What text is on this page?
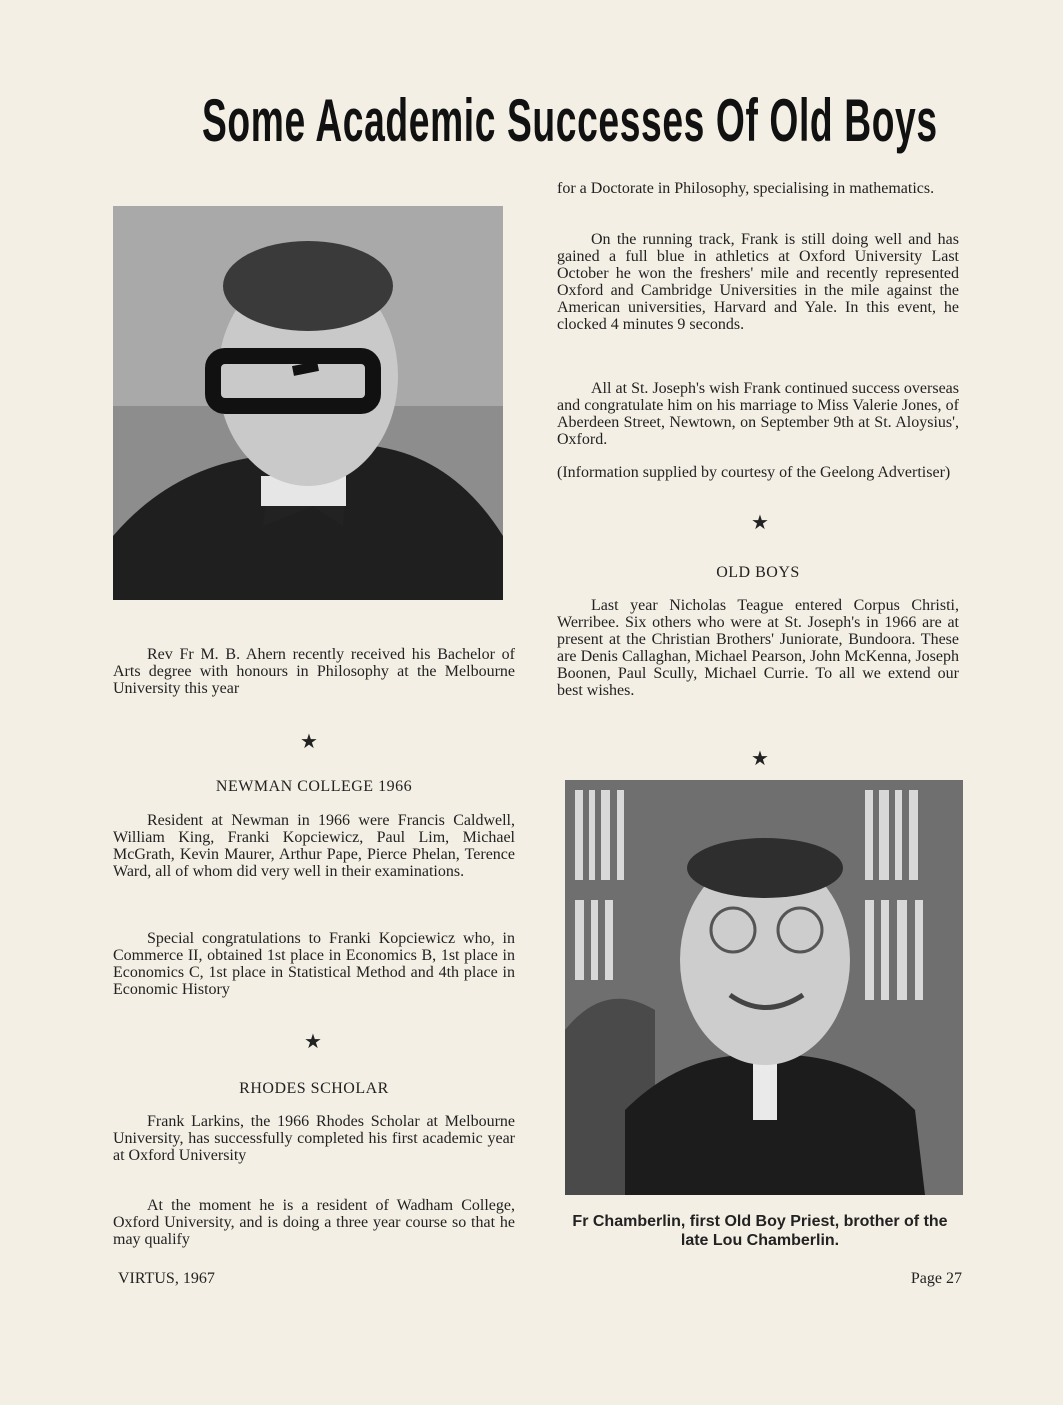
Some Academic Successes Of Old Boys

Rev Fr M. B. Ahern recently received his Bachelor of Arts degree with honours in Philosophy at the Melbourne University this year

★

NEWMAN COLLEGE 1966

Resident at Newman in 1966 were Francis Caldwell, William King, Franki Kopciewicz, Paul Lim, Michael McGrath, Kevin Maurer, Arthur Pape, Pierce Phelan, Terence Ward, all of whom did very well in their examinations.

Special congratulations to Franki Kopciewicz who, in Commerce II, obtained 1st place in Economics B, 1st place in Economics C, 1st place in Statistical Method and 4th place in Economic History

★

RHODES SCHOLAR

Frank Larkins, the 1966 Rhodes Scholar at Melbourne University, has successfully completed his first academic year at Oxford University

At the moment he is a resident of Wadham College, Oxford University, and is doing a three year course so that he may qualify

for a Doctorate in Philosophy, specialising in mathematics.

On the running track, Frank is still doing well and has gained a full blue in athletics at Oxford University Last October he won the freshers' mile and recently represented Oxford and Cambridge Universities in the mile against the American universities, Harvard and Yale. In this event, he clocked 4 minutes 9 seconds.

All at St. Joseph's wish Frank continued success overseas and congratulate him on his marriage to Miss Valerie Jones, of Aberdeen Street, Newtown, on September 9th at St. Aloysius', Oxford.

(Information supplied by courtesy of the Geelong Advertiser)

★

OLD BOYS

Last year Nicholas Teague entered Corpus Christi, Werribee. Six others who were at St. Joseph's in 1966 are at present at the Christian Brothers' Juniorate, Bundoora. These are Denis Callaghan, Michael Pearson, John McKenna, Joseph Boonen, Paul Scully, Michael Currie. To all we extend our best wishes.

★
Fr Chamberlin, first Old Boy Priest, brother of the late Lou Chamberlin.
VIRTUS, 1967	Page 27
